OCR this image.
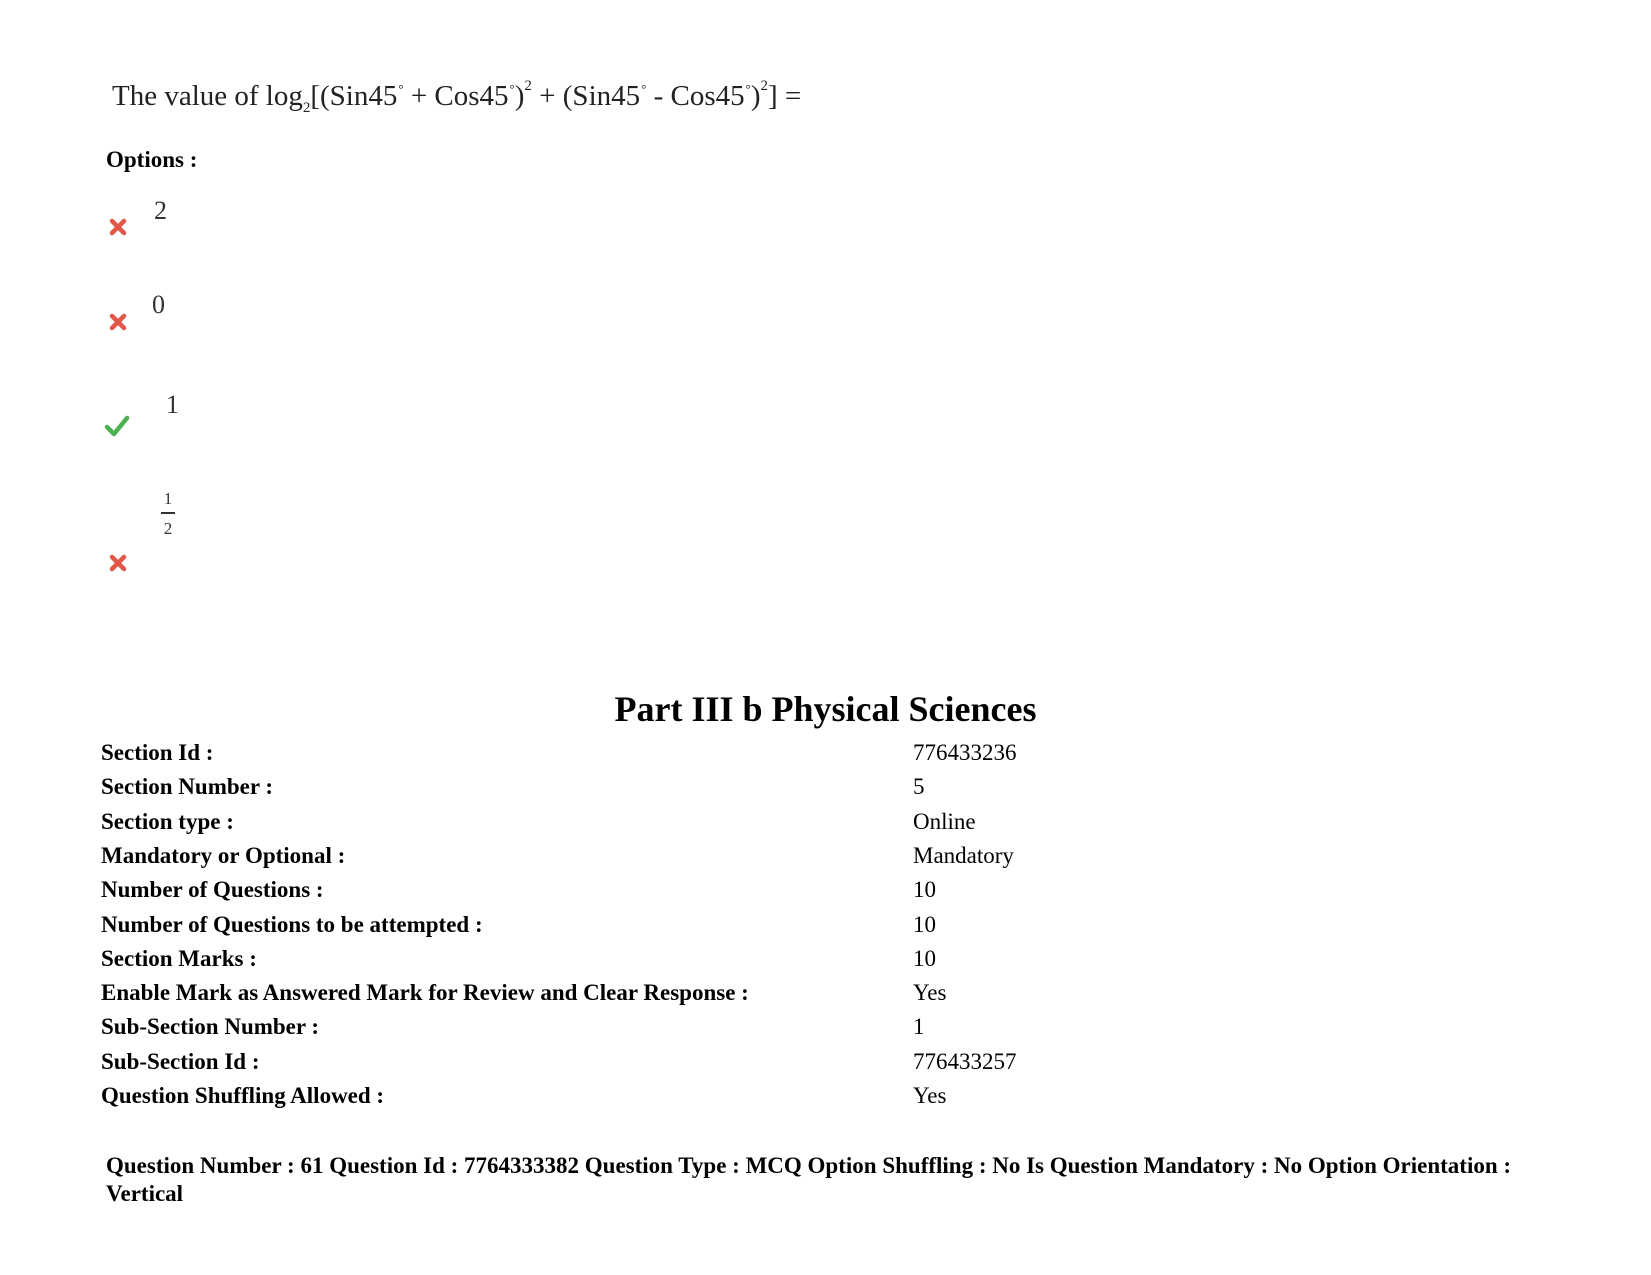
The value of $\log_2[(Sin45^\circ + Cos45^\circ)^2 + (Sin45^\circ - Cos45^\circ)^2]$ =
Options :
2
0
1
1
2
Part III b Physical Sciences
Section Id :	776433236
Section Number :	5
Section type :	Online
Mandatory or Optional :	Mandatory
Number of Questions :	10
Number of Questions to be attempted :	10
Section Marks :	10
Enable Mark as Answered Mark for Review and Clear Response :	Yes
Sub-Section Number :	1
Sub-Section Id :	776433257
Question Shuffling Allowed :	Yes
Question Number : 61 Question Id : 7764333382 Question Type : MCQ Option Shuffling : No Is Question Mandatory : No Option Orientation : Vertical
